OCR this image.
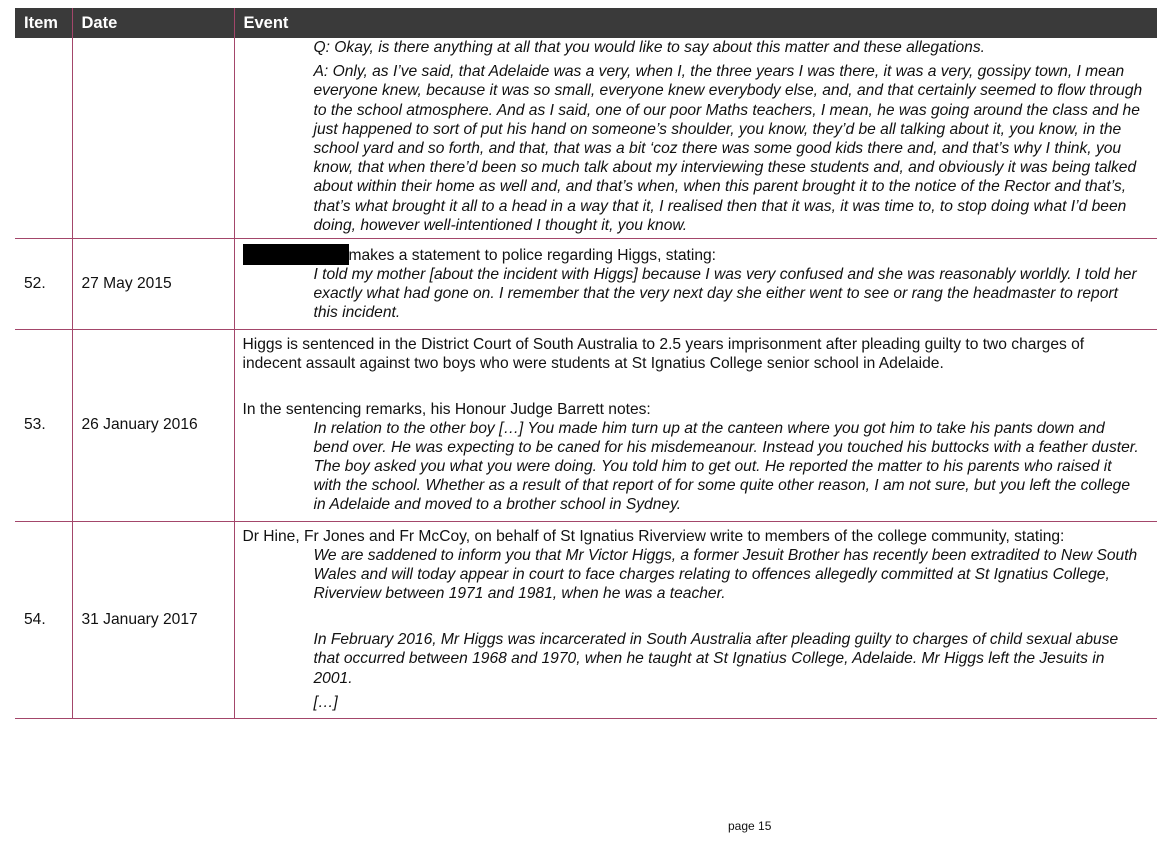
Item	Date	Event

		Q: Okay, is there anything at all that you would like to say about this matter and these allegations.

A: Only, as I’ve said, that Adelaide was a very, when I, the three years I was there, it was a very, gossipy town, I mean everyone knew, because it was so small, everyone knew everybody else, and, and that certainly seemed to flow through to the school atmosphere. And as I said, one of our poor Maths teachers, I mean, he was going around the class and he just happened to sort of put his hand on someone’s shoulder, you know, they’d be all talking about it, you know, in the school yard and so forth, and that, that was a bit ‘coz there was some good kids there and, and that’s why I think, you know, that when there’d been so much talk about my interviewing these students and, and obviously it was being talked about within their home as well and, and that’s when, when this parent brought it to the notice of the Rector and that’s, that’s what brought it all to a head in a way that it, I realised then that it was, it was time to, to stop doing what I’d been doing, however well-intentioned I thought it, you know.

52.	27 May 2015	makes a statement to police regarding Higgs, stating:

I told my mother [about the incident with Higgs] because I was very confused and she was reasonably worldly. I told her exactly what had gone on. I remember that the very next day she either went to see or rang the headmaster to report this incident.

53.	26 January 2016	Higgs is sentenced in the District Court of South Australia to 2.5 years imprisonment after pleading guilty to two charges of indecent assault against two boys who were students at St Ignatius College senior school in Adelaide.

In the sentencing remarks, his Honour Judge Barrett notes:

In relation to the other boy […] You made him turn up at the canteen where you got him to take his pants down and bend over. He was expecting to be caned for his misdemeanour. Instead you touched his buttocks with a feather duster. The boy asked you what you were doing. You told him to get out. He reported the matter to his parents who raised it with the school. Whether as a result of that report of for some quite other reason, I am not sure, but you left the college in Adelaide and moved to a brother school in Sydney.

54.	31 January 2017	Dr Hine, Fr Jones and Fr McCoy, on behalf of St Ignatius Riverview write to members of the college community, stating:

We are saddened to inform you that Mr Victor Higgs, a former Jesuit Brother has recently been extradited to New South Wales and will today appear in court to face charges relating to offences allegedly committed at St Ignatius College, Riverview between 1971 and 1981, when he was a teacher.

In February 2016, Mr Higgs was incarcerated in South Australia after pleading guilty to charges of child sexual abuse that occurred between 1968 and 1970, when he taught at St Ignatius College, Adelaide. Mr Higgs left the Jesuits in 2001.

[…]

page 15
